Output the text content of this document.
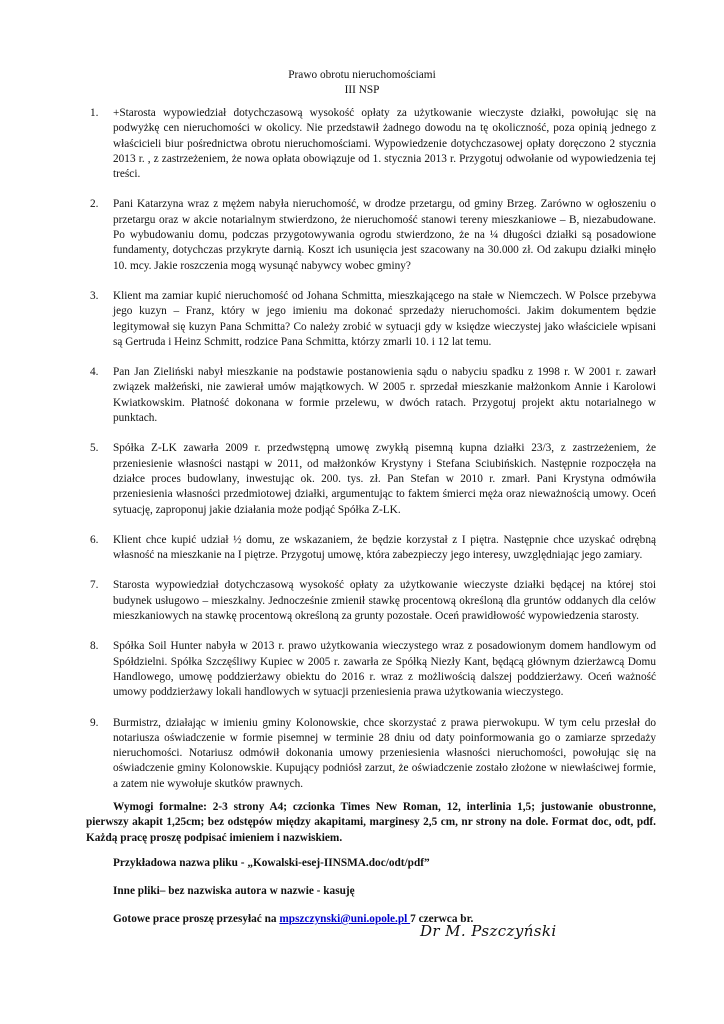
Prawo obrotu nieruchomościami
III NSP
1. +Starosta wypowiedział dotychczasową wysokość opłaty za użytkowanie wieczyste działki, powołując się na podwyżkę cen nieruchomości w okolicy. Nie przedstawił żadnego dowodu na tę okoliczność, poza opinią jednego z właścicieli biur pośrednictwa obrotu nieruchomościami. Wypowiedzenie dotychczasowej opłaty doręczono 2 stycznia 2013 r. , z zastrzeżeniem, że nowa opłata obowiązuje od 1. stycznia 2013 r. Przygotuj odwołanie od wypowiedzenia tej treści.
2. Pani Katarzyna wraz z mężem nabyła nieruchomość, w drodze przetargu, od gminy Brzeg. Zarówno w ogłoszeniu o przetargu oraz w akcie notarialnym stwierdzono, że nieruchomość stanowi tereny mieszkaniowe – B, niezabudowane. Po wybudowaniu domu, podczas przygotowywania ogrodu stwierdzono, że na ¼ długości działki są posadowione fundamenty, dotychczas przykryte darnią. Koszt ich usunięcia jest szacowany na 30.000 zł. Od zakupu działki minęło 10. mcy. Jakie roszczenia mogą wysunąć nabywcy wobec gminy?
3. Klient ma zamiar kupić nieruchomość od Johana Schmitta, mieszkającego na stałe w Niemczech. W Polsce przebywa jego kuzyn – Franz, który w jego imieniu ma dokonać sprzedaży nieruchomości. Jakim dokumentem będzie legitymował się kuzyn Pana Schmitta? Co należy zrobić w sytuacji gdy w księdze wieczystej jako właściciele wpisani są Gertruda i Heinz Schmitt, rodzice Pana Schmitta, którzy zmarli 10. i 12 lat temu.
4. Pan Jan Zieliński nabył mieszkanie na podstawie postanowienia sądu o nabyciu spadku z 1998 r. W 2001 r. zawarł związek małżeński, nie zawierał umów majątkowych. W 2005 r. sprzedał mieszkanie małżonkom Annie i Karolowi Kwiatkowskim. Płatność dokonana w formie przelewu, w dwóch ratach. Przygotuj projekt aktu notarialnego w punktach.
5. Spółka Z-LK zawarła 2009 r. przedwstępną umowę zwykłą pisemną kupna działki 23/3, z zastrzeżeniem, że przeniesienie własności nastąpi w 2011, od małżonków Krystyny i Stefana Sciubińskich. Następnie rozpoczęła na działce proces budowlany, inwestując ok. 200. tys. zł. Pan Stefan w 2010 r. zmarł. Pani Krystyna odmówiła przeniesienia własności przedmiotowej działki, argumentując to faktem śmierci męża oraz nieważnością umowy. Oceń sytuację, zaproponuj jakie działania może podjąć Spółka Z-LK.
6. Klient chce kupić udział ½ domu, ze wskazaniem, że będzie korzystał z I piętra. Następnie chce uzyskać odrębną własność na mieszkanie na I piętrze. Przygotuj umowę, która zabezpieczy jego interesy, uwzględniając jego zamiary.
7. Starosta wypowiedział dotychczasową wysokość opłaty za użytkowanie wieczyste działki będącej na której stoi budynek usługowo – mieszkalny. Jednocześnie zmienił stawkę procentową określoną dla gruntów oddanych dla celów mieszkaniowych na stawkę procentową określoną za grunty pozostałe. Oceń prawidłowość wypowiedzenia starosty.
8. Spółka Soil Hunter nabyła w 2013 r. prawo użytkowania wieczystego wraz z posadowionym domem handlowym od Spółdzielni. Spółka Szczęśliwy Kupiec w 2005 r. zawarła ze Spółką Niezły Kant, będącą głównym dzierżawcą Domu Handlowego, umowę poddzierżawy obiektu do 2016 r. wraz z możliwością dalszej poddzierżawy. Oceń ważność umowy poddzierżawy lokali handlowych w sytuacji przeniesienia prawa użytkowania wieczystego.
9. Burmistrz, działając w imieniu gminy Kolonowskie, chce skorzystać z prawa pierwokupu. W tym celu przesłał do notariusza oświadczenie w formie pisemnej w terminie 28 dniu od daty poinformowania go o zamiarze sprzedaży nieruchomości. Notariusz odmówił dokonania umowy przeniesienia własności nieruchomości, powołując się na oświadczenie gminy Kolonowskie. Kupujący podniósł zarzut, że oświadczenie zostało złożone w niewłaściwej formie, a zatem nie wywołuje skutków prawnych.
Wymogi formalne: 2-3 strony A4; czcionka Times New Roman, 12, interlinia 1,5; justowanie obustronne, pierwszy akapit 1,25cm; bez odstępów między akapitami, marginesy 2,5 cm, nr strony na dole. Format doc, odt, pdf. Każdą pracę proszę podpisać imieniem i nazwiskiem.
Przykładowa nazwa pliku - „Kowalski-esej-IINSMA.doc/odt/pdf”
Inne pliki– bez nazwiska autora w nazwie - kasuję
Gotowe prace proszę przesyłać na mpszczynski@uni.opole.pl 7 czerwca br.
Dr M. Pszczyński
